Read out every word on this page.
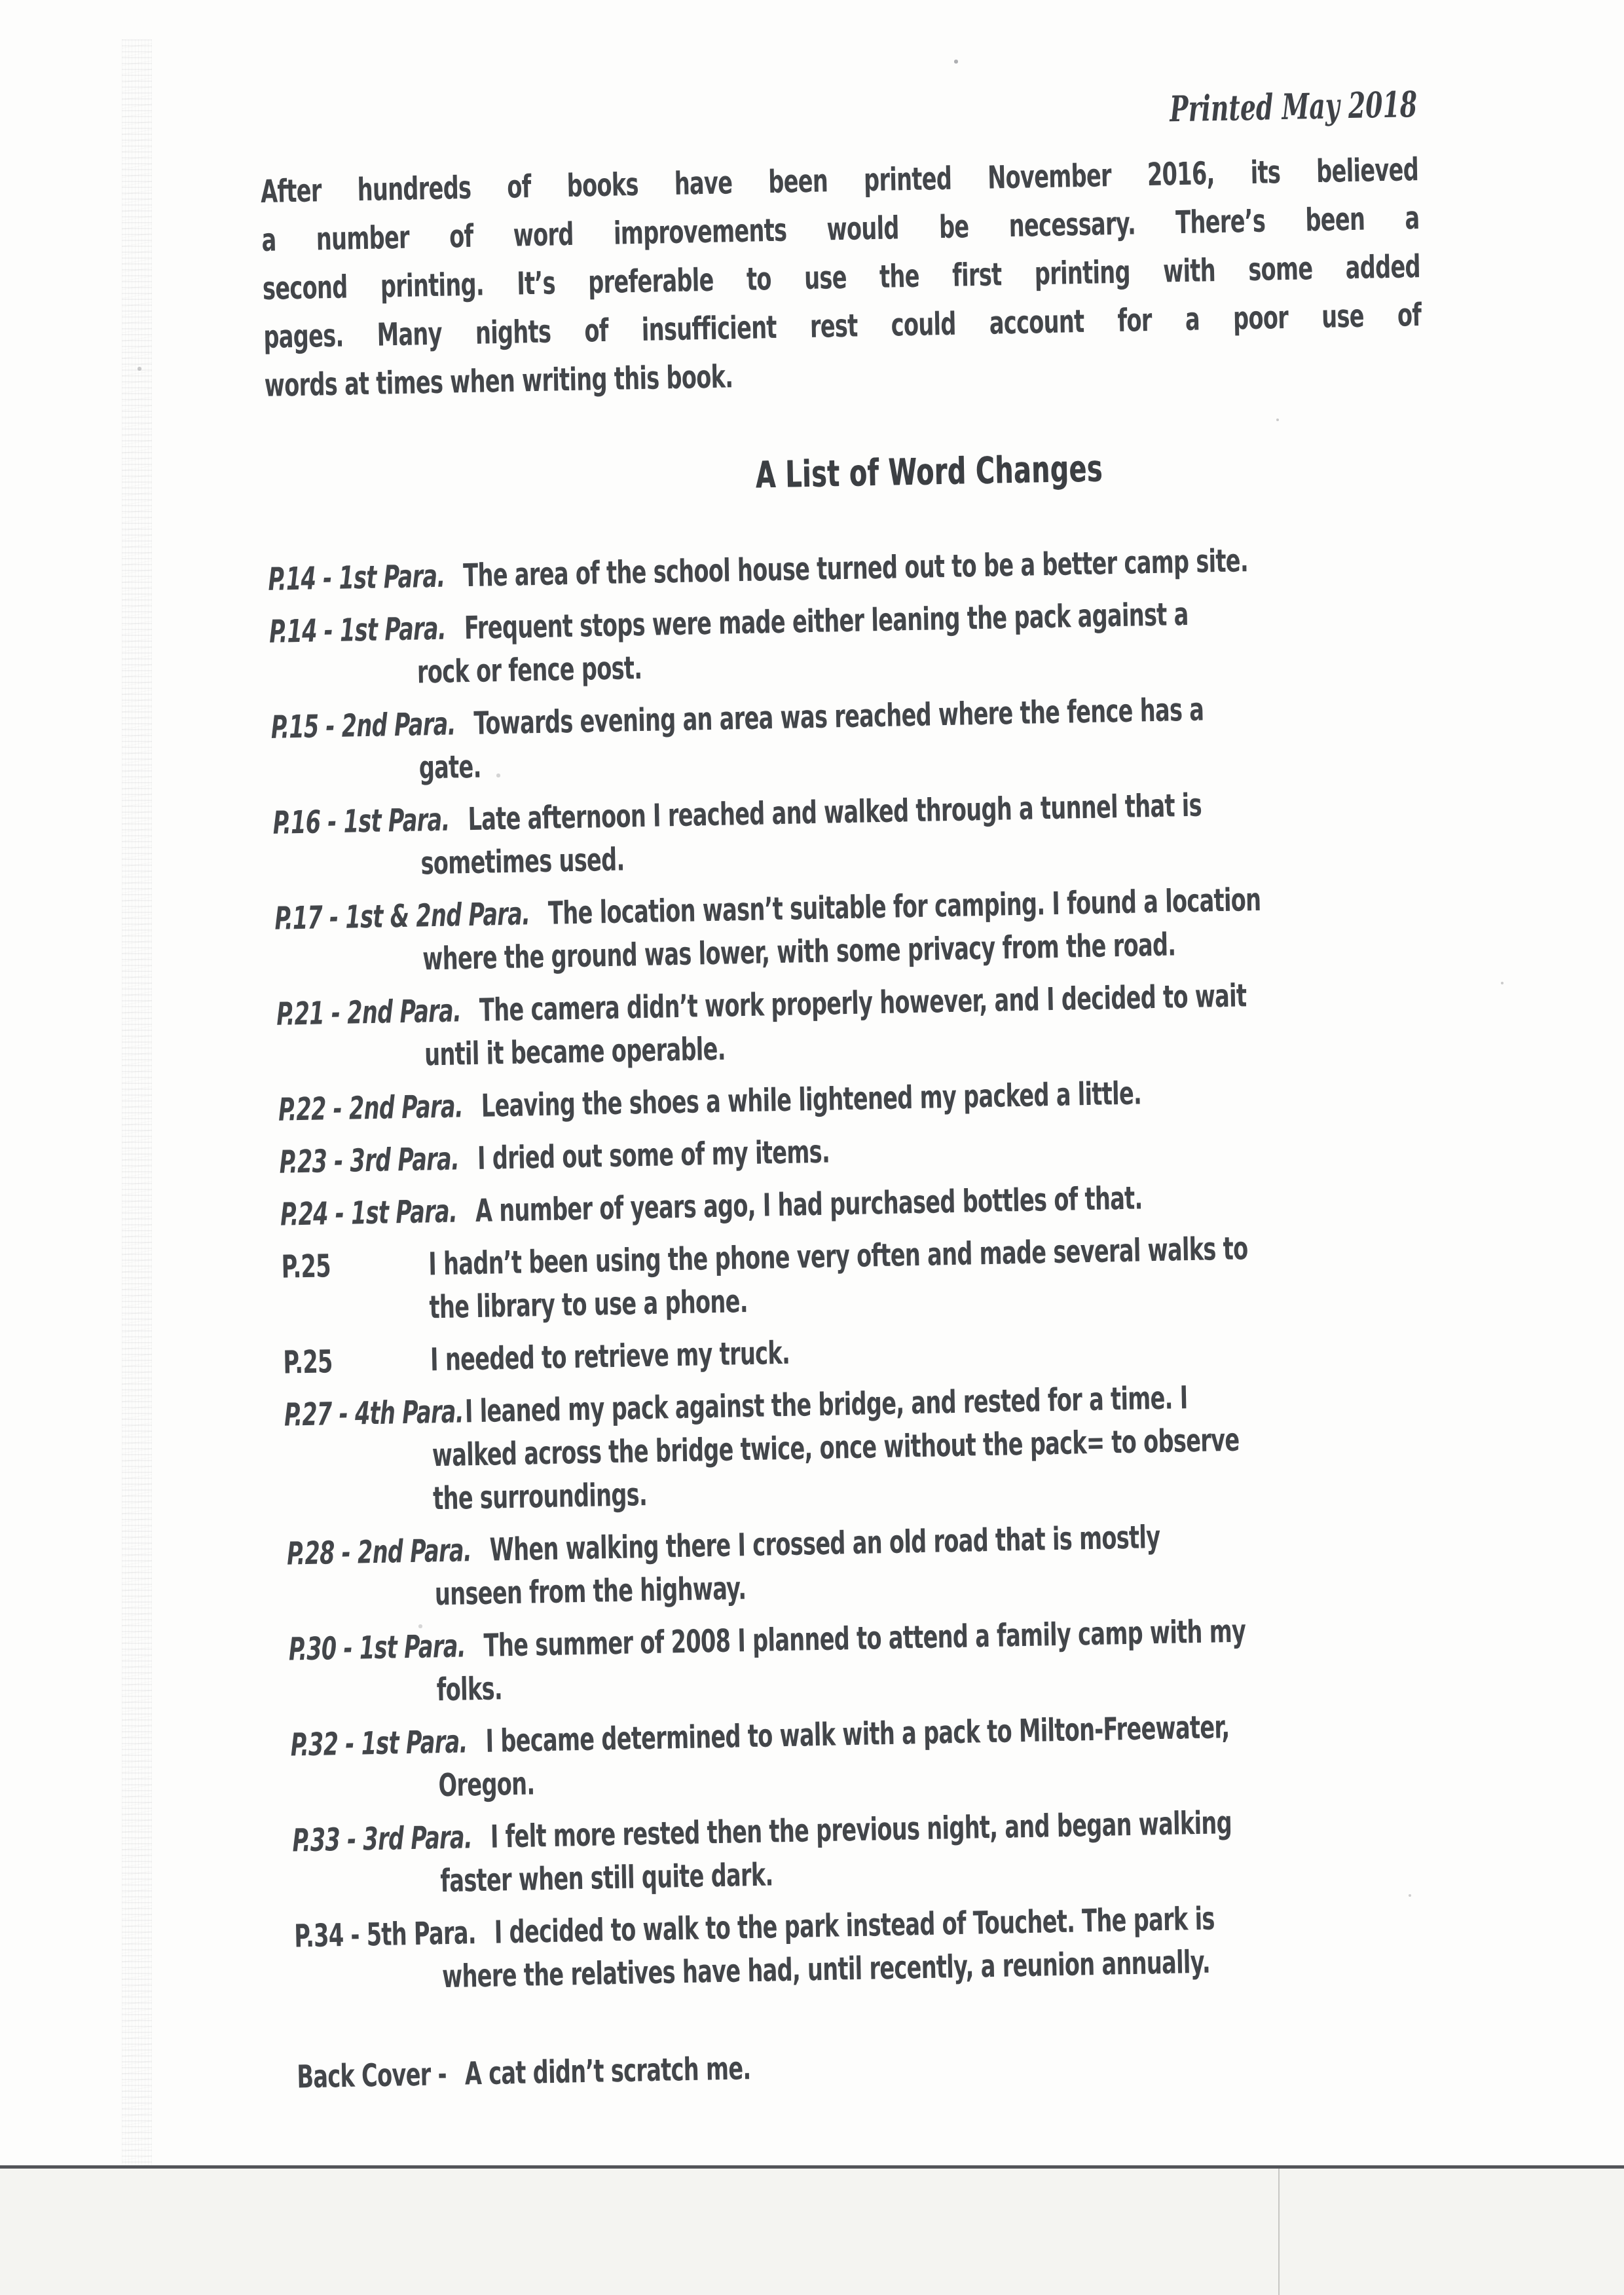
Printed May 2018
After hundreds of books have been printed November 2016, its believed
a number of word improvements would be necessary. There’s been a
second printing. It’s preferable to use the first printing with some added
pages. Many nights of insufficient rest could account for a poor use of
words at times when writing this book.
A List of Word Changes
P.14 - 1st Para. The area of the school house turned out to be a better camp site.
P.14 - 1st Para. Frequent stops were made either leaning the pack against a
rock or fence post.
P.15 - 2nd Para. Towards evening an area was reached where the fence has a
gate.
P.16 - 1st Para. Late afternoon I reached and walked through a tunnel that is
sometimes used.
P.17 - 1st & 2nd Para. The location wasn’t suitable for camping. I found a location
where the ground was lower, with some privacy from the road.
P.21 - 2nd Para. The camera didn’t work properly however, and I decided to wait
until it became operable.
P.22 - 2nd Para. Leaving the shoes a while lightened my packed a little.
P.23 - 3rd Para. I dried out some of my items.
P.24 - 1st Para. A number of years ago, I had purchased bottles of that.
P.25	I hadn’t been using the phone very often and made several walks to
the library to use a phone.
P.25	I needed to retrieve my truck.
P.27 - 4th Para.I leaned my pack against the bridge, and rested for a time. I
walked across the bridge twice, once without the pack= to observe
the surroundings.
P.28 - 2nd Para. When walking there I crossed an old road that is mostly
unseen from the highway.
P.30 - 1st Para. The summer of 2008 I planned to attend a family camp with my
folks.
P.32 - 1st Para. I became determined to walk with a pack to Milton-Freewater,
Oregon.
P.33 - 3rd Para. I felt more rested then the previous night, and began walking
faster when still quite dark.
P.34 - 5th Para. I decided to walk to the park instead of Touchet. The park is
where the relatives have had, until recently, a reunion annually.
Back Cover - A cat didn’t scratch me.
